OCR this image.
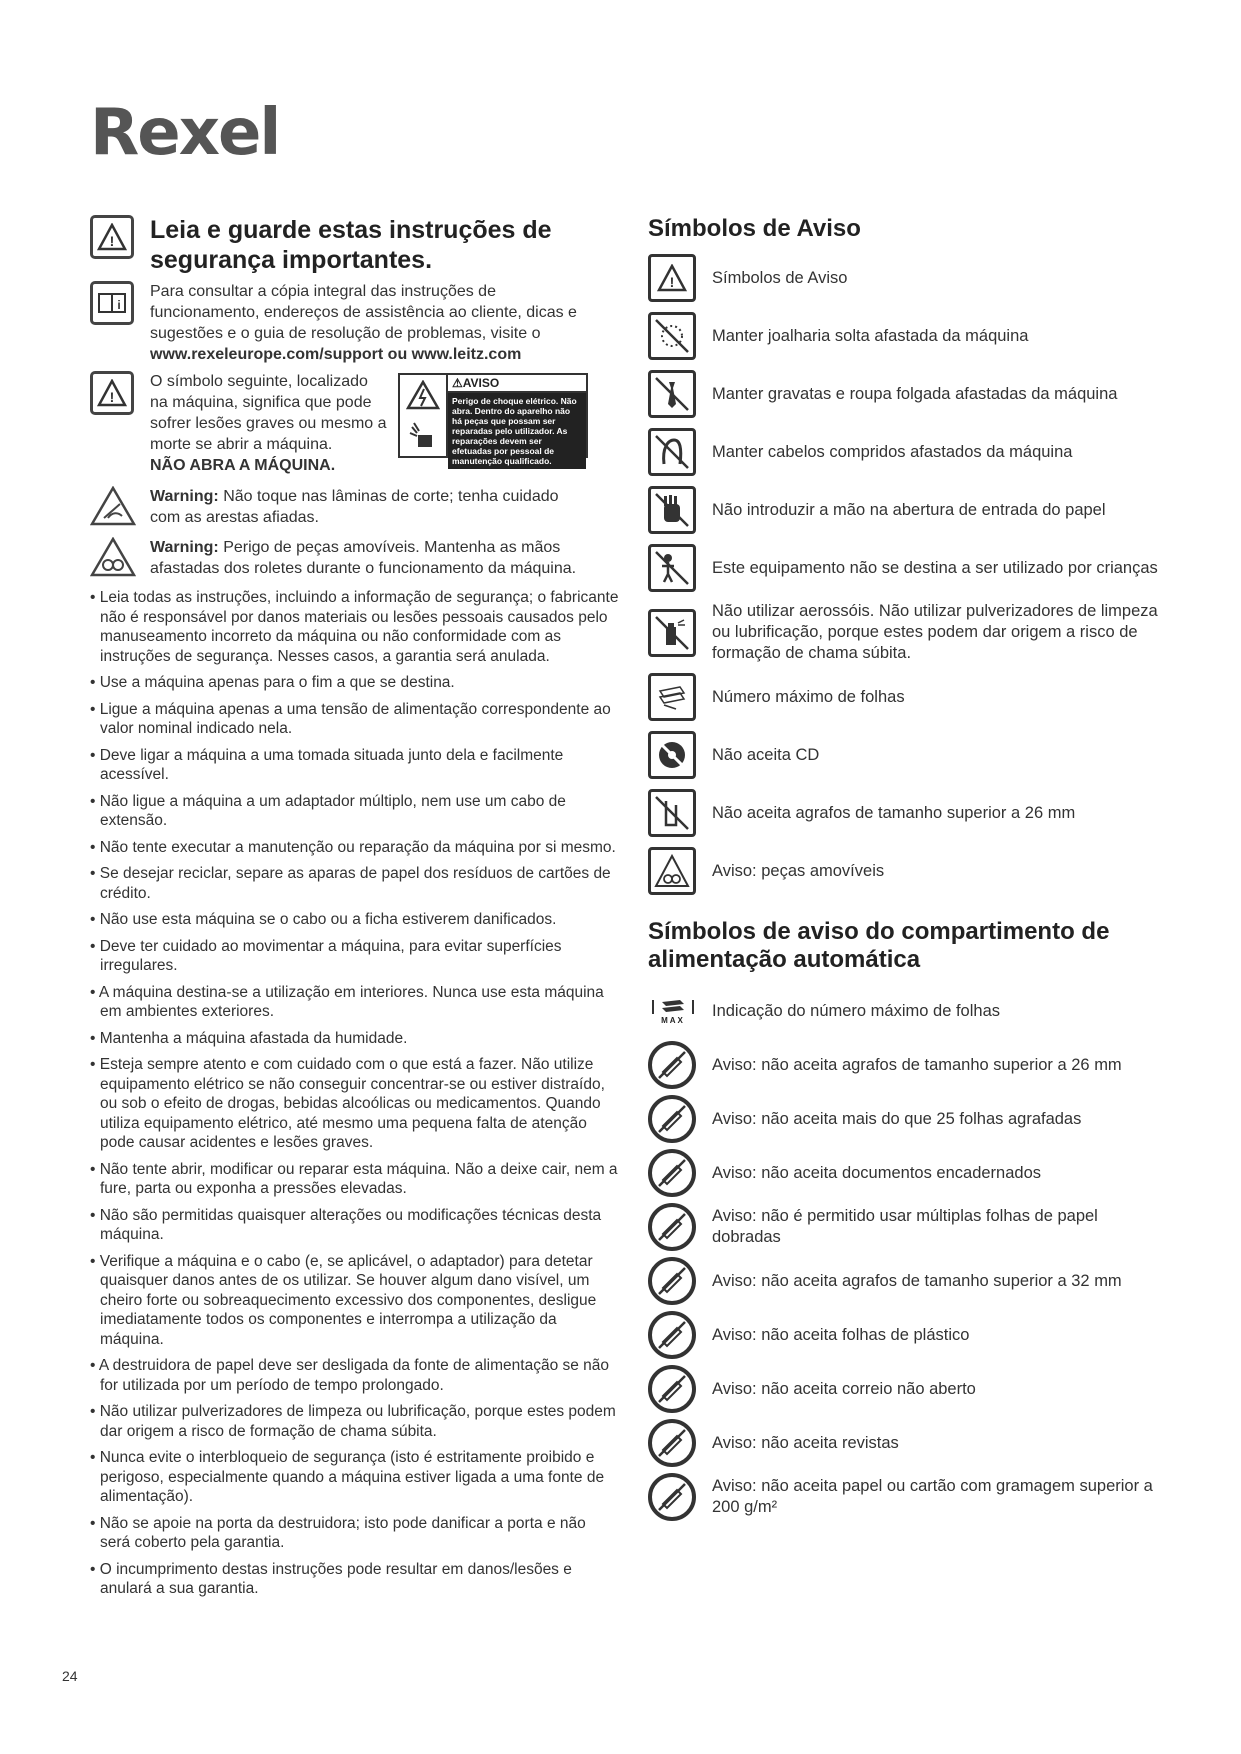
Rexel
! Leia e guarde estas instruções de segurança importantes.
i
Para consultar a cópia integral das instruções de funcionamento, endereços de assistência ao cliente, dicas e sugestões e o guia de resolução de problemas, visite o www.rexeleurope.com/support ou www.leitz.com
!
O símbolo seguinte, localizado na máquina, significa que pode sofrer lesões graves ou mesmo a morte se abrir a máquina.
NÃO ABRA A MÁQUINA.
⚠AVISO
Perigo de choque elétrico. Não abra. Dentro do aparelho não há peças que possam ser reparadas pelo utilizador. As reparações devem ser efetuadas por pessoal de manutenção qualificado.
Warning: Não toque nas lâminas de corte; tenha cuidado com as arestas afiadas.
Warning: Perigo de peças amovíveis. Mantenha as mãos afastadas dos roletes durante o funcionamento da máquina.
• Leia todas as instruções, incluindo a informação de segurança; o fabricante não é responsável por danos materiais ou lesões pessoais causados pelo manuseamento incorreto da máquina ou não conformidade com as instruções de segurança. Nesses casos, a garantia será anulada.
• Use a máquina apenas para o fim a que se destina.
• Ligue a máquina apenas a uma tensão de alimentação correspondente ao valor nominal indicado nela.
• Deve ligar a máquina a uma tomada situada junto dela e facilmente acessível.
• Não ligue a máquina a um adaptador múltiplo, nem use um cabo de extensão.
• Não tente executar a manutenção ou reparação da máquina por si mesmo.
• Se desejar reciclar, separe as aparas de papel dos resíduos de cartões de crédito.
• Não use esta máquina se o cabo ou a ficha estiverem danificados.
• Deve ter cuidado ao movimentar a máquina, para evitar superfícies irregulares.
• A máquina destina-se a utilização em interiores. Nunca use esta máquina em ambientes exteriores.
• Mantenha a máquina afastada da humidade.
• Esteja sempre atento e com cuidado com o que está a fazer. Não utilize equipamento elétrico se não conseguir concentrar-se ou estiver distraído, ou sob o efeito de drogas, bebidas alcoólicas ou medicamentos. Quando utiliza equipamento elétrico, até mesmo uma pequena falta de atenção pode causar acidentes e lesões graves.
• Não tente abrir, modificar ou reparar esta máquina. Não a deixe cair, nem a fure, parta ou exponha a pressões elevadas.
• Não são permitidas quaisquer alterações ou modificações técnicas desta máquina.
• Verifique a máquina e o cabo (e, se aplicável, o adaptador) para detetar quaisquer danos antes de os utilizar. Se houver algum dano visível, um cheiro forte ou sobreaquecimento excessivo dos componentes, desligue imediatamente todos os componentes e interrompa a utilização da máquina.
• A destruidora de papel deve ser desligada da fonte de alimentação se não for utilizada por um período de tempo prolongado.
• Não utilizar pulverizadores de limpeza ou lubrificação, porque estes podem dar origem a risco de formação de chama súbita.
• Nunca evite o interbloqueio de segurança (isto é estritamente proibido e perigoso, especialmente quando a máquina estiver ligada a uma fonte de alimentação).
• Não se apoie na porta da destruidora; isto pode danificar a porta e não será coberto pela garantia.
• O incumprimento destas instruções pode resultar em danos/lesões e anulará a sua garantia.
Símbolos de Aviso
! Símbolos de Aviso
Manter joalharia solta afastada da máquina
Manter gravatas e roupa folgada afastadas da máquina
Manter cabelos compridos afastados da máquina
Não introduzir a mão na abertura de entrada do papel
Este equipamento não se destina a ser utilizado por crianças
Não utilizar aerossóis. Não utilizar pulverizadores de limpeza ou lubrificação, porque estes podem dar origem a risco de formação de chama súbita.
Número máximo de folhas
Não aceita CD
Não aceita agrafos de tamanho superior a 26 mm
Aviso: peças amovíveis
Símbolos de aviso do compartimento de alimentação automática
MAX
Indicação do número máximo de folhas
Aviso: não aceita agrafos de tamanho superior a 26 mm
Aviso: não aceita mais do que 25 folhas agrafadas
Aviso: não aceita documentos encadernados
Aviso: não é permitido usar múltiplas folhas de papel dobradas
Aviso: não aceita agrafos de tamanho superior a 32 mm
Aviso: não aceita folhas de plástico
Aviso: não aceita correio não aberto
Aviso: não aceita revistas
Aviso: não aceita papel ou cartão com gramagem superior a 200 g/m²
24
